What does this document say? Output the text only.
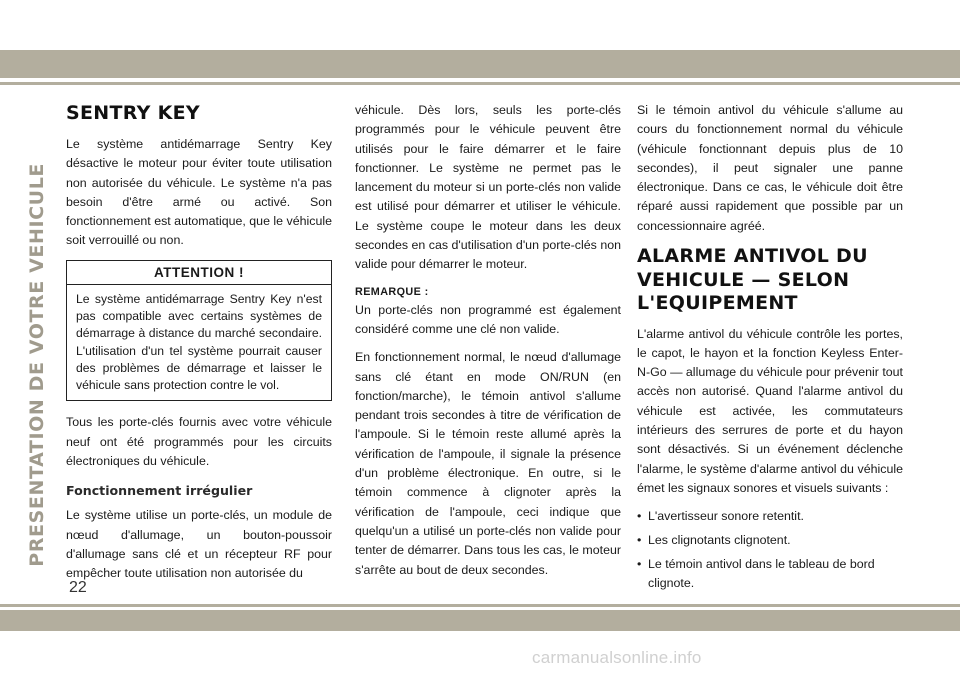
PRESENTATION DE VOTRE VEHICULE
SENTRY KEY

Le système antidémarrage Sentry Key désactive le moteur pour éviter toute utilisation non autorisée du véhicule. Le système n'a pas besoin d'être armé ou activé. Son fonctionnement est automatique, que le véhicule soit verrouillé ou non.

ATTENTION !
Le système antidémarrage Sentry Key n'est pas compatible avec certains systèmes de démarrage à distance du marché secondaire. L'utilisation d'un tel système pourrait causer des problèmes de démarrage et laisser le véhicule sans protection contre le vol.

Tous les porte-clés fournis avec votre véhicule neuf ont été programmés pour les circuits électroniques du véhicule.

Fonctionnement irrégulier

Le système utilise un porte-clés, un module de nœud d'allumage, un bouton-poussoir d'allumage sans clé et un récepteur RF pour empêcher toute utilisation non autorisée du

véhicule. Dès lors, seuls les porte-clés programmés pour le véhicule peuvent être utilisés pour le faire démarrer et le faire fonctionner. Le système ne permet pas le lancement du moteur si un porte-clés non valide est utilisé pour démarrer et utiliser le véhicule. Le système coupe le moteur dans les deux secondes en cas d'utilisation d'un porte-clés non valide pour démarrer le moteur.

REMARQUE :

Un porte-clés non programmé est également considéré comme une clé non valide.

En fonctionnement normal, le nœud d'allumage sans clé étant en mode ON/RUN (en fonction/marche), le témoin antivol s'allume pendant trois secondes à titre de vérification de l'ampoule. Si le témoin reste allumé après la vérification de l'ampoule, il signale la présence d'un problème électronique. En outre, si le témoin commence à clignoter après la vérification de l'ampoule, ceci indique que quelqu'un a utilisé un porte-clés non valide pour tenter de démarrer. Dans tous les cas, le moteur s'arrête au bout de deux secondes.

Si le témoin antivol du véhicule s'allume au cours du fonctionnement normal du véhicule (véhicule fonctionnant depuis plus de 10 secondes), il peut signaler une panne électronique. Dans ce cas, le véhicule doit être réparé aussi rapidement que possible par un concessionnaire agréé.

ALARME ANTIVOL DU VEHICULE — SELON L'EQUIPEMENT

L'alarme antivol du véhicule contrôle les portes, le capot, le hayon et la fonction Keyless Enter-N-Go — allumage du véhicule pour prévenir tout accès non autorisé. Quand l'alarme antivol du véhicule est activée, les commutateurs intérieurs des serrures de porte et du hayon sont désactivés. Si un événement déclenche l'alarme, le système d'alarme antivol du véhicule émet les signaux sonores et visuels suivants :

• L'avertisseur sonore retentit.
• Les clignotants clignotent.
• Le témoin antivol dans le tableau de bord clignote.
22
carmanualsonline.info
